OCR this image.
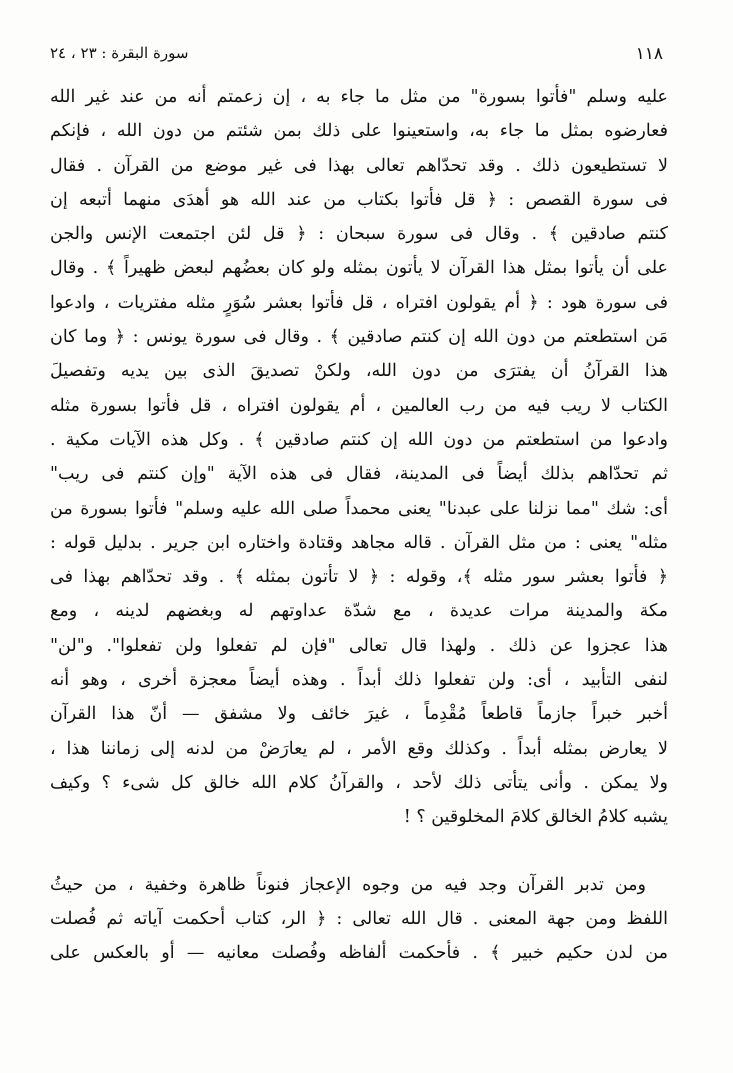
١١٨
سورة البقرة : ٢٣ ، ٢٤
عليه وسلم "فأتوا بسورة" من مثل ما جاء به ، إن زعمتم أنه من عند غير الله
فعارضوه بمثل ما جاء به، واستعينوا على ذلك بمن شئتم من دون الله ، فإنكم
لا تستطيعون ذلك . وقد تحدّاهم تعالى بهذا فى غير موضع من القرآن . فقال
فى سورة القصص : ﴿ قل فأتوا بكتاب من عند الله هو أهدَى منهما أتبعه إن
كنتم صادقين ﴾ . وقال فى سورة سبحان : ﴿ قل لئن اجتمعت الإنس والجن
على أن يأتوا بمثل هذا القرآن لا يأتون بمثله ولو كان بعضُهم لبعض ظهيراً ﴾ . وقال
فى سورة هود : ﴿ أم يقولون افتراه ، قل فأتوا بعشر سُوَرٍ مثله مفتريات ، وادعوا
مَن استطعتم من دون الله إن كنتم صادقين ﴾ . وقال فى سورة يونس : ﴿ وما كان
هذا القرآنُ أن يفترَى من دون الله، ولكنْ تصديقَ الذى بين يديه وتفصيلَ
الكتاب لا ريب فيه من رب العالمين ، أم يقولون افتراه ، قل فأتوا بسورة مثله
وادعوا من استطعتم من دون الله إن كنتم صادقين ﴾ . وكل هذه الآيات مكية .
ثم تحدّاهم بذلك أيضاً فى المدينة، فقال فى هذه الآية "وإن كنتم فى ريب"
أى: شك "مما نزلنا على عبدنا" يعنى محمداً صلى الله عليه وسلم" فأتوا بسورة من
مثله" يعنى : من مثل القرآن . قاله مجاهد وقتادة واختاره ابن جرير . بدليل قوله :
﴿ فأتوا بعشر سور مثله ﴾، وقوله : ﴿ لا تأتون بمثله ﴾ . وقد تحدّاهم بهذا فى
مكة والمدينة مرات عديدة ، مع شدّة عداوتهم له وبغضهم لدينه ، ومع
هذا عجزوا عن ذلك . ولهذا قال تعالى "فإن لم تفعلوا ولن تفعلوا". و"لن"
لنفى التأبيد ، أى: ولن تفعلوا ذلك أبداً . وهذه أيضاً معجزة أخرى ، وهو أنه
أخبر خبراً جازماً قاطعاً مُقْدِماً ، غيرَ خائف ولا مشفق — أنّ هذا القرآن
لا يعارض بمثله أبداً . وكذلك وقع الأمر ، لم يعارَضْ من لدنه إلى زماننا هذا ،
ولا يمكن . وأنى يتأتى ذلك لأحد ، والقرآنُ كلام الله خالق كل شىء ؟ وكيف
يشبه كلامُ الخالق كلامَ المخلوقين ؟ !
ومن تدبر القرآن وجد فيه من وجوه الإعجاز فنوناً ظاهرة وخفية ، من حيثُ
اللفظ ومن جهة المعنى . قال الله تعالى : ﴿ الر، كتاب أحكمت آياته ثم فُصلت
من لدن حكيم خبير ﴾ . فأحكمت ألفاظه وفُصلت معانيه — أو بالعكس على
